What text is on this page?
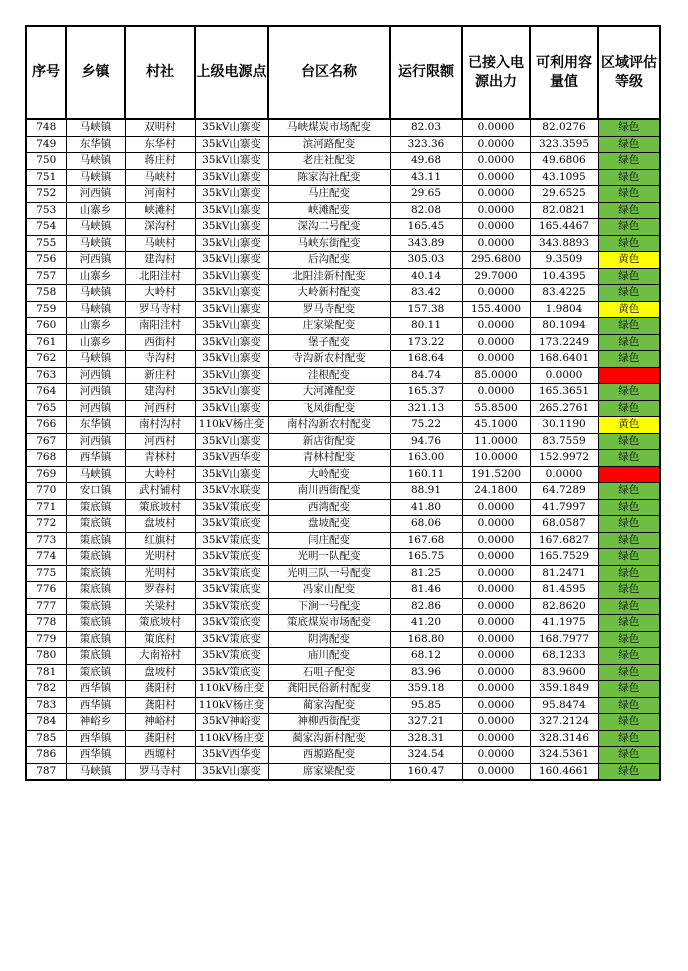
序号	乡镇	村社	上级电源点	台区名称	运行限额	已接入电源出力	可利用容量值	区域评估等级
748	马峡镇	双明村	35kV山寨变	马峡煤炭市场配变	82.03	0.0000	82.0276	绿色
749	东华镇	东华村	35kV山寨变	滨河路配变	323.36	0.0000	323.3595	绿色
750	马峡镇	蒋庄村	35kV山寨变	老庄社配变	49.68	0.0000	49.6806	绿色
751	马峡镇	马峡村	35kV山寨变	陈家沟社配变	43.11	0.0000	43.1095	绿色
752	河西镇	河南村	35kV山寨变	马庄配变	29.65	0.0000	29.6525	绿色
753	山寨乡	峡滩村	35kV山寨变	峡滩配变	82.08	0.0000	82.0821	绿色
754	马峡镇	深沟村	35kV山寨变	深沟二号配变	165.45	0.0000	165.4467	绿色
755	马峡镇	马峡村	35kV山寨变	马峡东街配变	343.89	0.0000	343.8893	绿色
756	河西镇	建沟村	35kV山寨变	后沟配变	305.03	295.6800	9.3509	黄色
757	山寨乡	北阳洼村	35kV山寨变	北阳洼新村配变	40.14	29.7000	10.4395	绿色
758	马峡镇	大岭村	35kV山寨变	大岭新村配变	83.42	0.0000	83.4225	绿色
759	马峡镇	罗马寺村	35kV山寨变	罗马寺配变	157.38	155.4000	1.9804	黄色
760	山寨乡	南阳洼村	35kV山寨变	庄家梁配变	80.11	0.0000	80.1094	绿色
761	山寨乡	西街村	35kV山寨变	堡子配变	173.22	0.0000	173.2249	绿色
762	马峡镇	寺沟村	35kV山寨变	寺沟新农村配变	168.64	0.0000	168.6401	绿色
763	河西镇	新庄村	35kV山寨变	洼根配变	84.74	85.0000	0.0000	红色
764	河西镇	建沟村	35kV山寨变	大河滩配变	165.37	0.0000	165.3651	绿色
765	河西镇	河西村	35kV山寨变	飞凤街配变	321.13	55.8500	265.2761	绿色
766	东华镇	南村沟村	110kV杨庄变	南村沟新农村配变	75.22	45.1000	30.1190	黄色
767	河西镇	河西村	35kV山寨变	新店街配变	94.76	11.0000	83.7559	绿色
768	西华镇	青林村	35kV西华变	青林村配变	163.00	10.0000	152.9972	绿色
769	马峡镇	大岭村	35kV山寨变	大岭配变	160.11	191.5200	0.0000	红色
770	安口镇	武村铺村	35kV水联变	南川西街配变	88.91	24.1800	64.7289	绿色
771	策底镇	策底坡村	35kV策底变	西湾配变	41.80	0.0000	41.7997	绿色
772	策底镇	盘坡村	35kV策底变	盘坡配变	68.06	0.0000	68.0587	绿色
773	策底镇	红旗村	35kV策底变	闫庄配变	167.68	0.0000	167.6827	绿色
774	策底镇	光明村	35kV策底变	光明一队配变	165.75	0.0000	165.7529	绿色
775	策底镇	光明村	35kV策底变	光明三队一号配变	81.25	0.0000	81.2471	绿色
776	策底镇	罗春村	35kV策底变	冯家山配变	81.46	0.0000	81.4595	绿色
777	策底镇	关梁村	35kV策底变	下涧一号配变	82.86	0.0000	82.8620	绿色
778	策底镇	策底坡村	35kV策底变	策底煤炭市场配变	41.20	0.0000	41.1975	绿色
779	策底镇	策底村	35kV策底变	阴湾配变	168.80	0.0000	168.7977	绿色
780	策底镇	大南裕村	35kV策底变	庙川配变	68.12	0.0000	68.1233	绿色
781	策底镇	盘坡村	35kV策底变	石咀子配变	83.96	0.0000	83.9600	绿色
782	西华镇	龚阳村	110kV杨庄变	龚阳民俗新村配变	359.18	0.0000	359.1849	绿色
783	西华镇	龚阳村	110kV杨庄变	蔺家沟配变	95.85	0.0000	95.8474	绿色
784	神峪乡	神峪村	35kV神峪变	神柳西街配变	327.21	0.0000	327.2124	绿色
785	西华镇	龚阳村	110kV杨庄变	蔺家沟新村配变	328.31	0.0000	328.3146	绿色
786	西华镇	西塬村	35kV西华变	西塬路配变	324.54	0.0000	324.5361	绿色
787	马峡镇	罗马寺村	35kV山寨变	席家梁配变	160.47	0.0000	160.4661	绿色
